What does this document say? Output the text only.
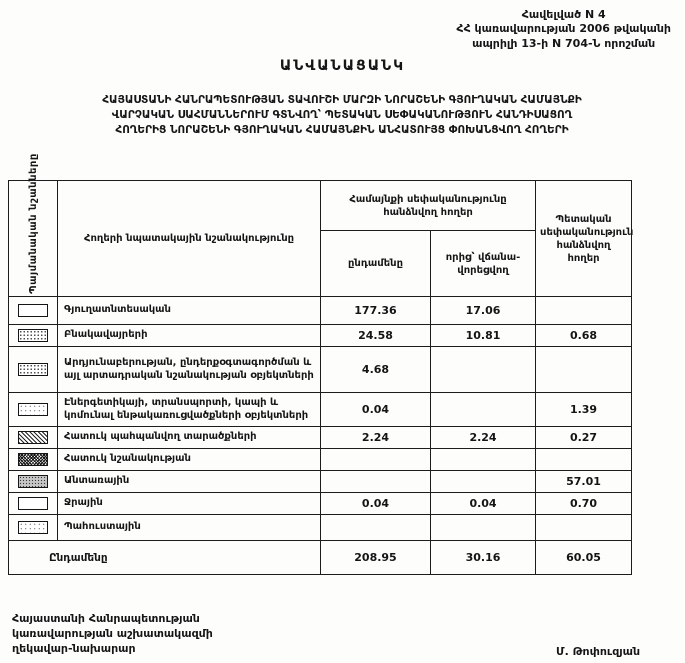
Հավելված N 4
ՀՀ կառավարության 2006 թվականի
ապրիլի 13-ի N 704-Ն որոշման
ԱՆՎԱՆԱՑԱՆԿ
ՀԱՅԱՍՏԱՆԻ ՀԱՆՐԱՊԵՏՈՒԹՅԱՆ ՏԱՎՈՒՇԻ ՄԱՐԶԻ ՆՈՐԱՇԵՆԻ ԳՅՈՒՂԱԿԱՆ ՀԱՄԱՅՆՔԻ
ՎԱՐՉԱԿԱՆ ՍԱՀՄԱՆՆԵՐՈՒՄ ԳՏՆՎՈՂ՝ ՊԵՏԱԿԱՆ ՍԵՓԱԿԱՆՈՒԹՅՈՒՆ ՀԱՆԴԻՍԱՑՈՂ
ՀՈՂԵՐԻՑ ՆՈՐԱՇԵՆԻ ԳՅՈՒՂԱԿԱՆ ՀԱՄԱՅՆՔԻՆ ԱՆՀԱՏՈՒՅՑ ՓՈԽԱՆՑՎՈՂ ՀՈՂԵՐԻ
Պայմանական նշանները	Հողերի նպատակային նշանակությունը	Համայնքի սեփականությունը հանձնվող հողեր		Պետական սեփականություն հանձնվող հողեր
		ընդամենը	որից՝ վճանավորեցվող	
	Գյուղատնտեսական	177.36	17.06	
	Բնակավայրերի	24.58	10.81	0.68
	Արդյունաբերության, ընդերքօգտագործման և այլ արտադրական նշանակության օբյեկտների	4.68		
	Էներգետիկայի, տրանսպորտի, կապի և կոմունալ ենթակառուցվածքների օբյեկտների	0.04		1.39
	Հատուկ պահպանվող տարածքների	2.24	2.24	0.27
	Հատուկ նշանակության			
	Անտառային			57.01
	Ջրային	0.04	0.04	0.70
	Պահուստային			
Ընդամենը		208.95	30.16	60.05
Հայաստանի Հանրապետության
կառավարության աշխատակազմի
ղեկավար-նախարար	Մ. Թոփուզյան
